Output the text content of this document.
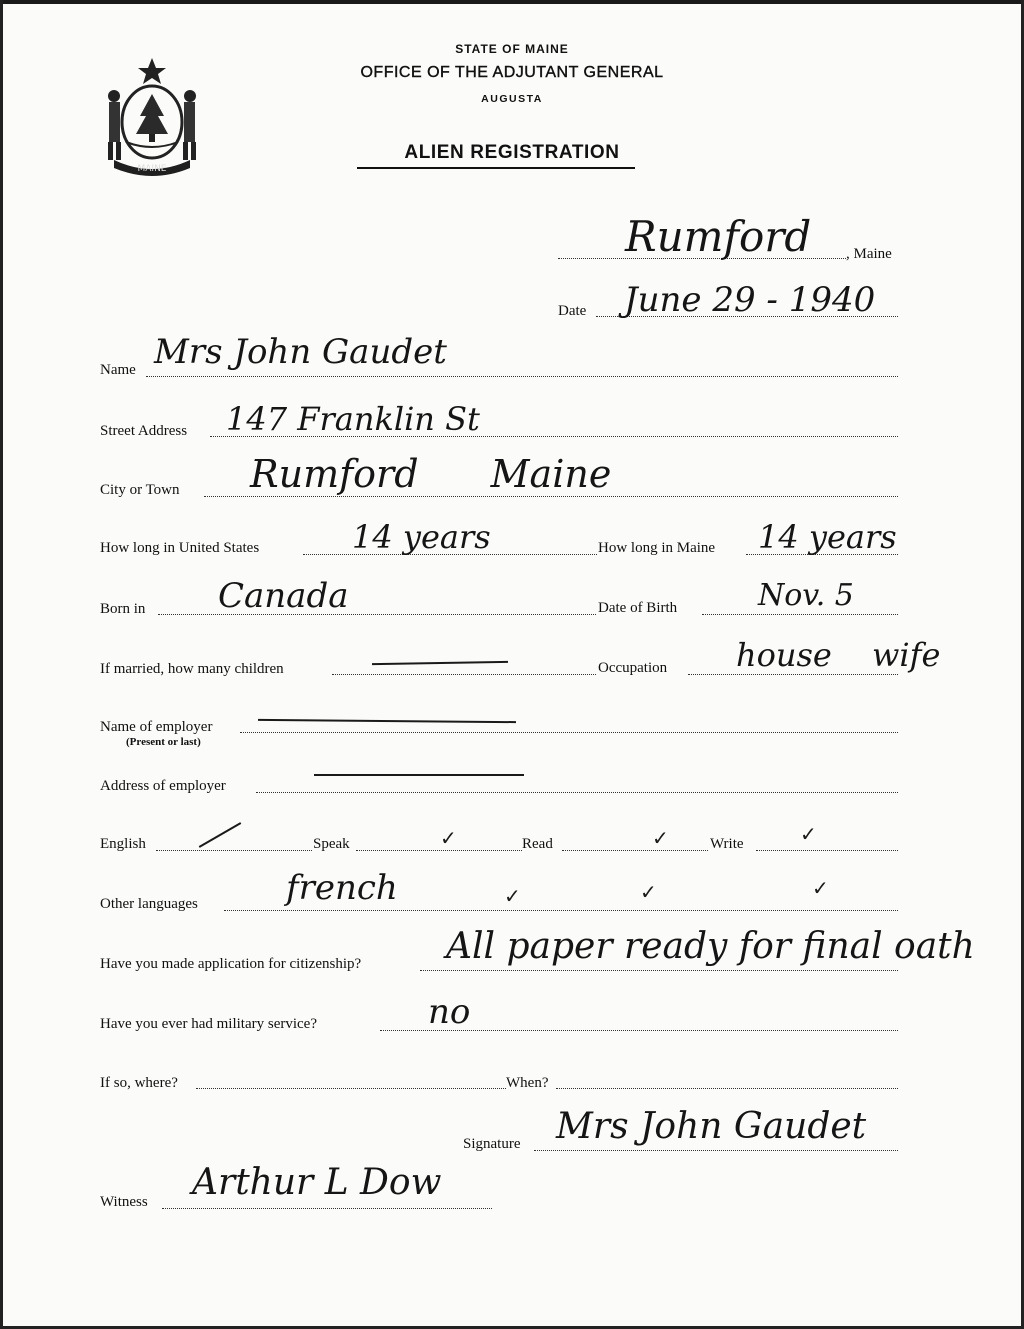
MAINE
STATE OF MAINE
OFFICE OF THE ADJUTANT GENERAL
AUGUSTA
ALIEN REGISTRATION
Rumford , Maine
Date June 29 - 1940
Name Mrs John Gaudet
Street Address 147 Franklin St
City or Town Rumford Maine
How long in United States	14 years	How long in Maine 14 years
Born in Canada	Date of Birth	Nov. 5
If married, how many children	Occupation house wife
Name of employer
(Present or last)
Address of employer
English	Speak	✓	Read	✓	Write	✓
Other languages	french	✓	✓	✓
Have you made application for citizenship? All paper ready for final oath
Have you ever had military service?	no
If so, where?	When?
Signature Mrs John Gaudet
Witness Arthur L Dow
